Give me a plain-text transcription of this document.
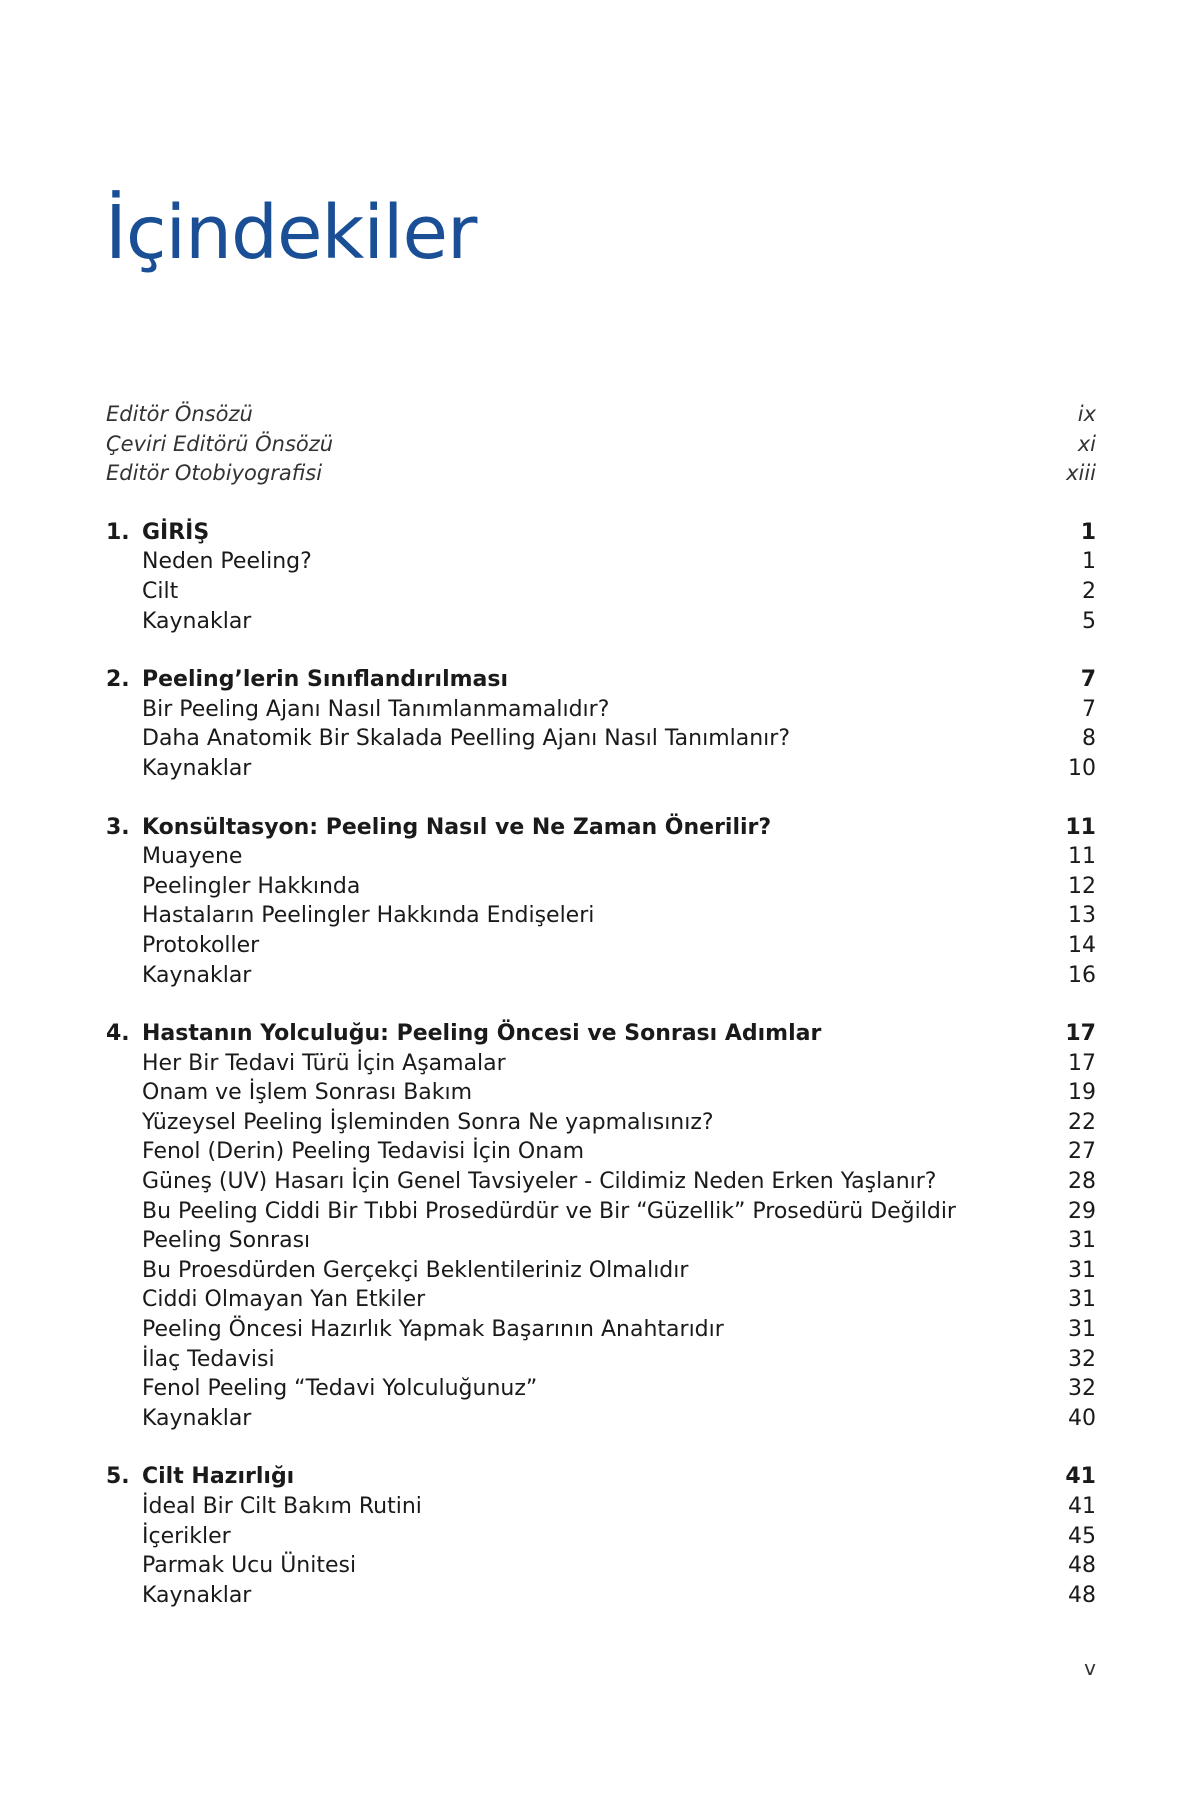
İçindekiler
Editör Önsözü	ix
Çeviri Editörü Önsözü	xi
Editör Otobiyografisi	xiii
1. GİRİŞ	1
Neden Peeling?	1
Cilt	2
Kaynaklar	5
2. Peeling’lerin Sınıflandırılması	7
Bir Peeling Ajanı Nasıl Tanımlanmamalıdır?	7
Daha Anatomik Bir Skalada Peelling Ajanı Nasıl Tanımlanır?	8
Kaynaklar	10
3. Konsültasyon: Peeling Nasıl ve Ne Zaman Önerilir?	11
Muayene	11
Peelingler Hakkında	12
Hastaların Peelingler Hakkında Endişeleri	13
Protokoller	14
Kaynaklar	16
4. Hastanın Yolculuğu: Peeling Öncesi ve Sonrası Adımlar	17
Her Bir Tedavi Türü İçin Aşamalar	17
Onam ve İşlem Sonrası Bakım	19
Yüzeysel Peeling İşleminden Sonra Ne yapmalısınız?	22
Fenol (Derin) Peeling Tedavisi İçin Onam	27
Güneş (UV) Hasarı İçin Genel Tavsiyeler - Cildimiz Neden Erken Yaşlanır?	28
Bu Peeling Ciddi Bir Tıbbi Prosedürdür ve Bir “Güzellik” Prosedürü Değildir	29
Peeling Sonrası	31
Bu Proesdürden Gerçekçi Beklentileriniz Olmalıdır	31
Ciddi Olmayan Yan Etkiler	31
Peeling Öncesi Hazırlık Yapmak Başarının Anahtarıdır	31
İlaç Tedavisi	32
Fenol Peeling “Tedavi Yolculuğunuz”	32
Kaynaklar	40
5. Cilt Hazırlığı	41
İdeal Bir Cilt Bakım Rutini	41
İçerikler	45
Parmak Ucu Ünitesi	48
Kaynaklar	48
v
